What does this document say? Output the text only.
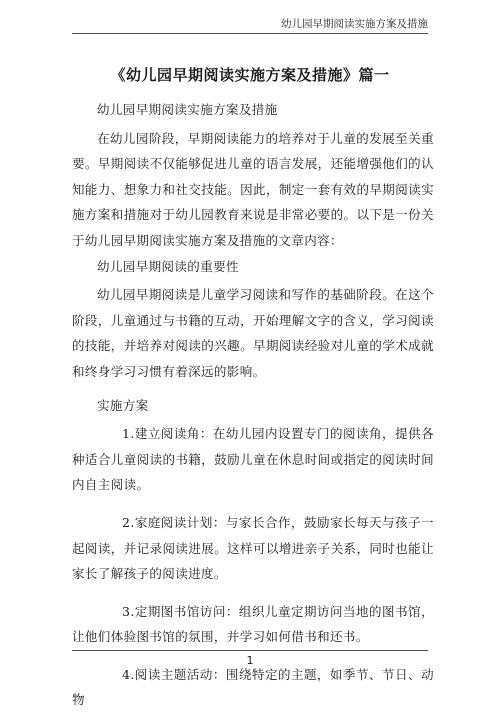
幼儿园早期阅读实施方案及措施
《幼儿园早期阅读实施方案及措施》篇一

幼儿园早期阅读实施方案及措施

在幼儿园阶段，早期阅读能力的培养对于儿童的发展至关重要。早期阅读不仅能够促进儿童的语言发展，还能增强他们的认知能力、想象力和社交技能。因此，制定一套有效的早期阅读实施方案和措施对于幼儿园教育来说是非常必要的。以下是一份关于幼儿园早期阅读实施方案及措施的文章内容：

幼儿园早期阅读的重要性

幼儿园早期阅读是儿童学习阅读和写作的基础阶段。在这个阶段，儿童通过与书籍的互动，开始理解文字的含义，学习阅读的技能，并培养对阅读的兴趣。早期阅读经验对儿童的学术成就和终身学习习惯有着深远的影响。

实施方案

1.建立阅读角：在幼儿园内设置专门的阅读角，提供各种适合儿童阅读的书籍，鼓励儿童在休息时间或指定的阅读时间内自主阅读。

2.家庭阅读计划：与家长合作，鼓励家长每天与孩子一起阅读，并记录阅读进展。这样可以增进亲子关系，同时也能让家长了解孩子的阅读进度。

3.定期图书馆访问：组织儿童定期访问当地的图书馆，让他们体验图书馆的氛围，并学习如何借书和还书。

4.阅读主题活动：围绕特定的主题，如季节、节日、动物

1
